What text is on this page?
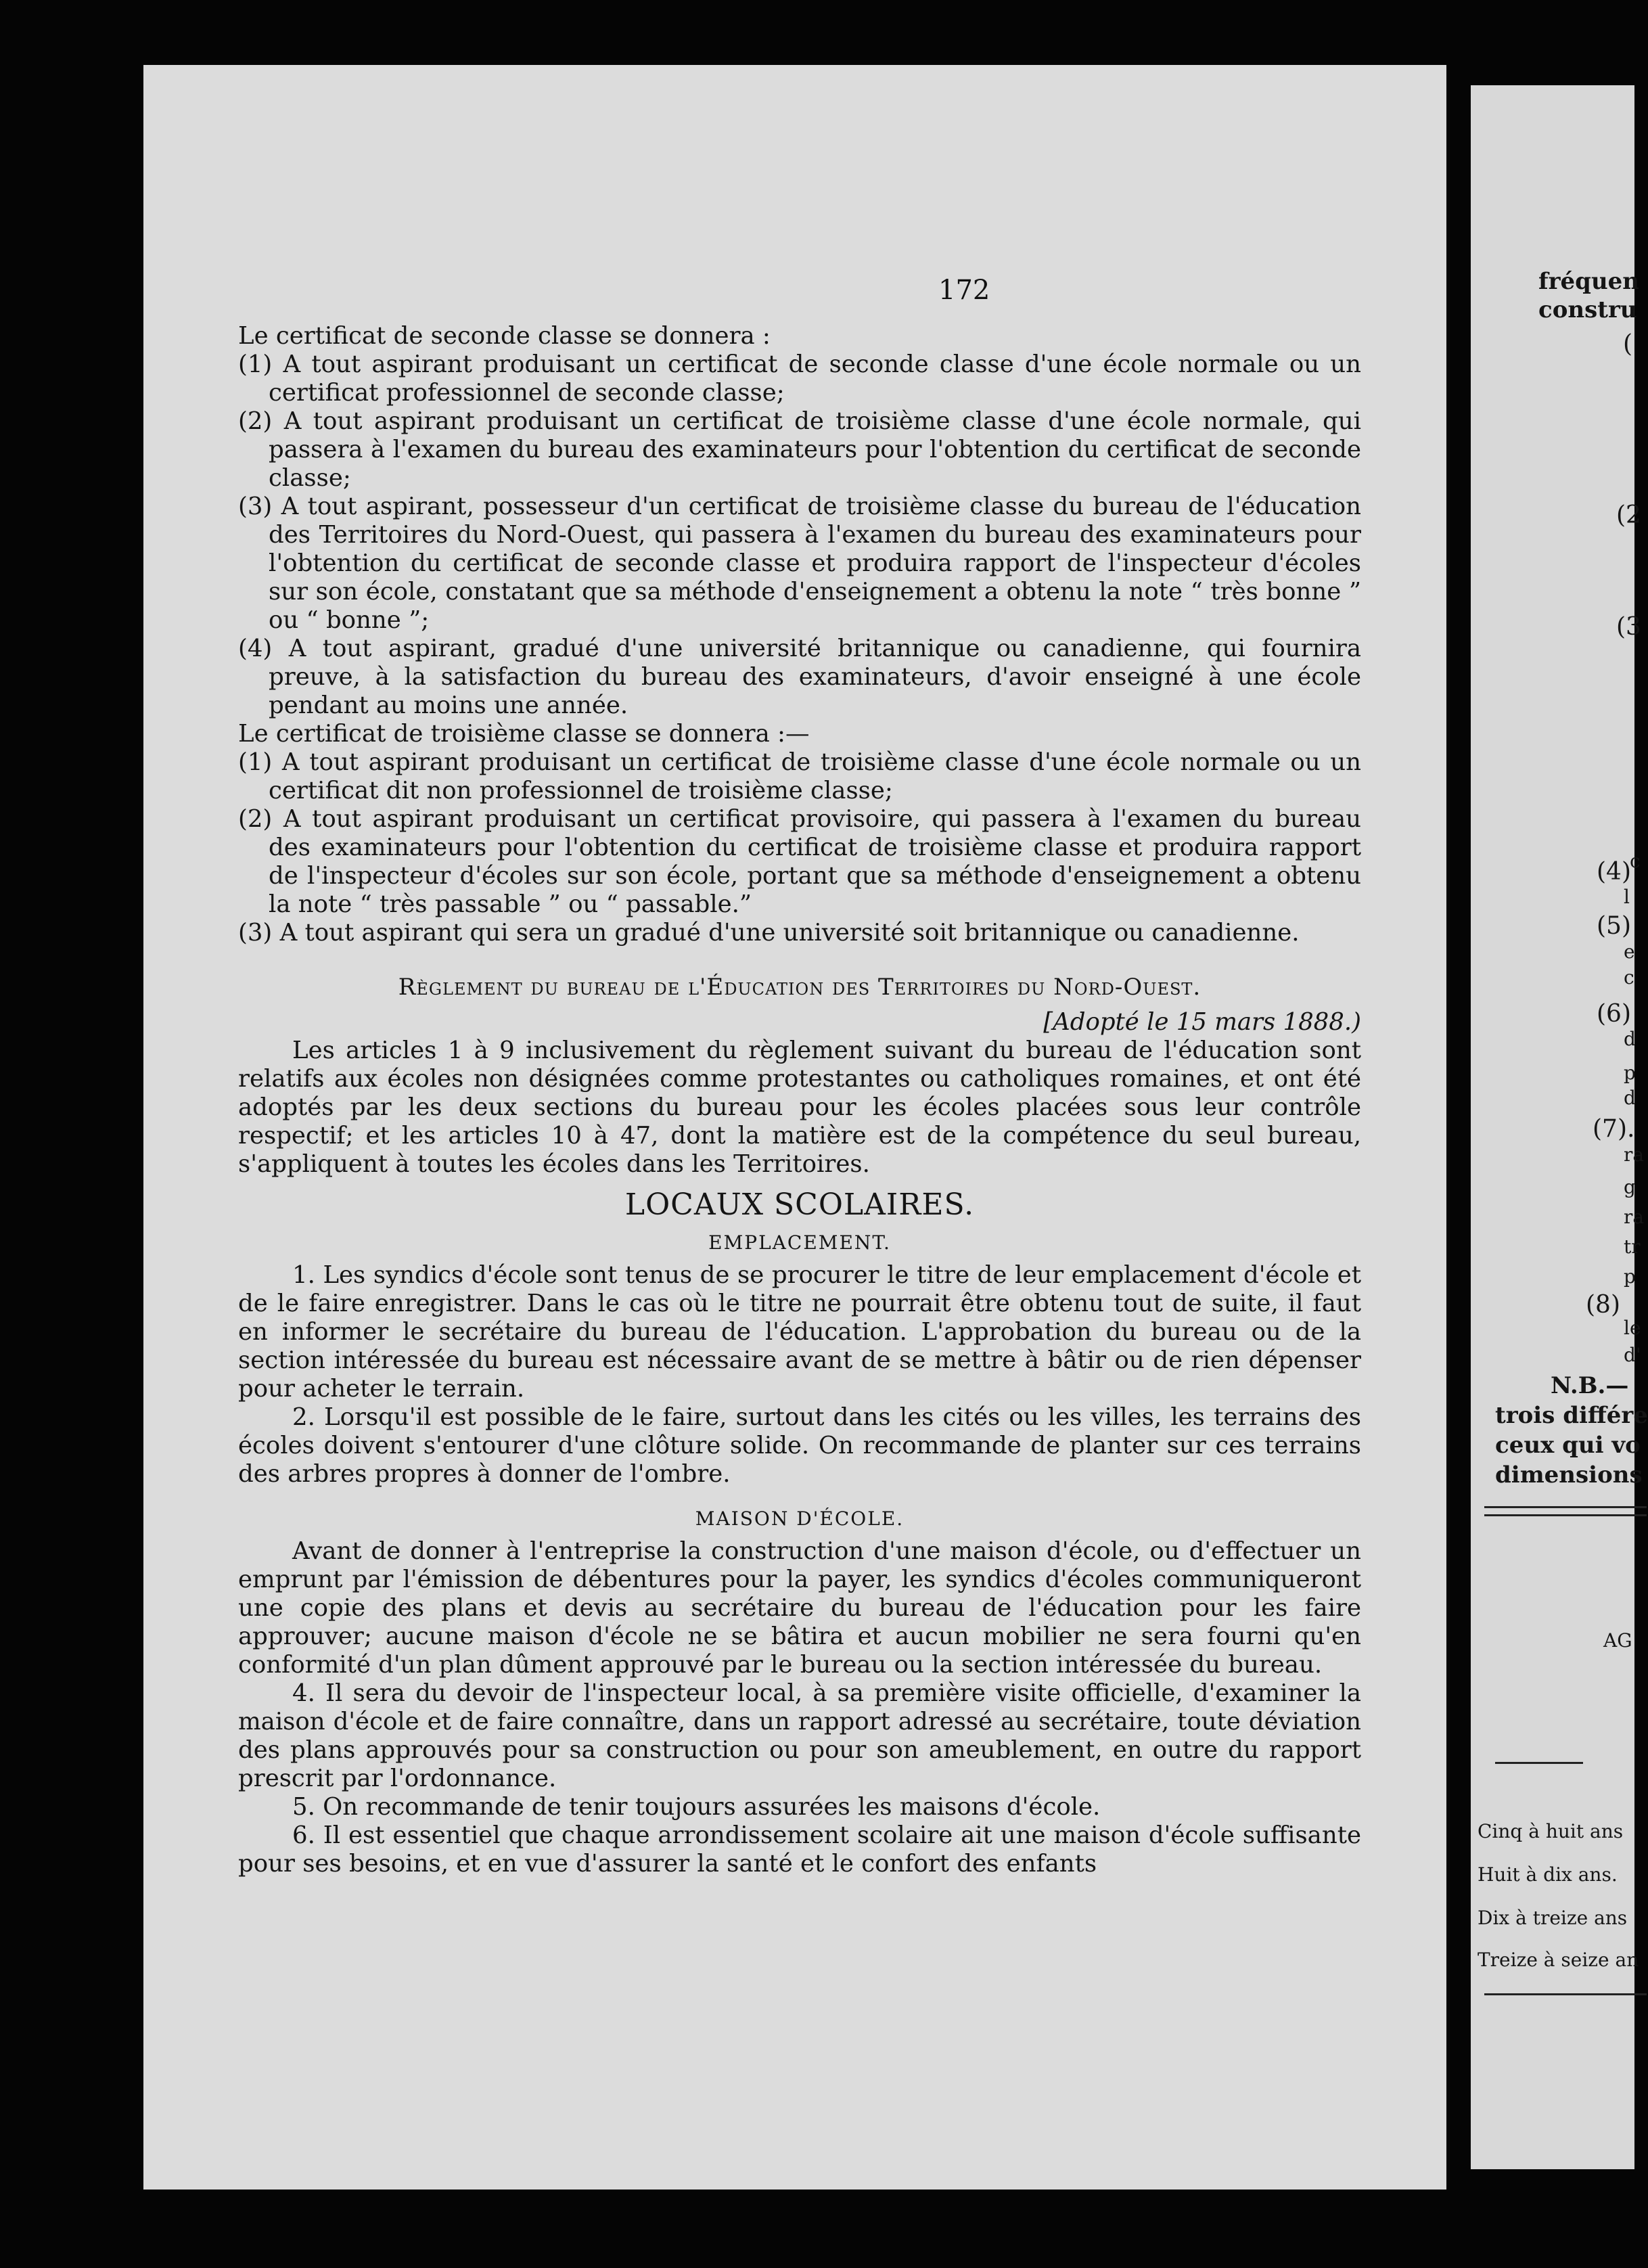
172

Le certificat de seconde classe se donnera :

(1) A tout aspirant produisant un certificat de seconde classe d'une école normale ou un certificat professionnel de seconde classe;

(2) A tout aspirant produisant un certificat de troisième classe d'une école normale, qui passera à l'examen du bureau des examinateurs pour l'obtention du certificat de seconde classe;

(3) A tout aspirant, possesseur d'un certificat de troisième classe du bureau de l'éducation des Territoires du Nord-Ouest, qui passera à l'examen du bureau des examinateurs pour l'obtention du certificat de seconde classe et produira rapport de l'inspecteur d'écoles sur son école, constatant que sa méthode d'enseignement a obtenu la note “ très bonne ” ou “ bonne ”;

(4) A tout aspirant, gradué d'une université britannique ou canadienne, qui fournira preuve, à la satisfaction du bureau des examinateurs, d'avoir enseigné à une école pendant au moins une année.

Le certificat de troisième classe se donnera :—

(1) A tout aspirant produisant un certificat de troisième classe d'une école normale ou un certificat dit non professionnel de troisième classe;

(2) A tout aspirant produisant un certificat provisoire, qui passera à l'examen du bureau des examinateurs pour l'obtention du certificat de troisième classe et produira rapport de l'inspecteur d'écoles sur son école, portant que sa méthode d'enseignement a obtenu la note “ très passable ” ou “ passable.”

(3) A tout aspirant qui sera un gradué d'une université soit britannique ou canadienne.

Règlement du bureau de l'Éducation des Territoires du Nord-Ouest.

[Adopté le 15 mars 1888.)

Les articles 1 à 9 inclusivement du règlement suivant du bureau de l'éducation sont relatifs aux écoles non désignées comme protestantes ou catholiques romaines, et ont été adoptés par les deux sections du bureau pour les écoles placées sous leur contrôle respectif; et les articles 10 à 47, dont la matière est de la compétence du seul bureau, s'appliquent à toutes les écoles dans les Territoires.

LOCAUX SCOLAIRES.

EMPLACEMENT.

1. Les syndics d'école sont tenus de se procurer le titre de leur emplacement d'école et de le faire enregistrer. Dans le cas où le titre ne pourrait être obtenu tout de suite, il faut en informer le secrétaire du bureau de l'éducation. L'approbation du bureau ou de la section intéressée du bureau est nécessaire avant de se mettre à bâtir ou de rien dépenser pour acheter le terrain.

2. Lorsqu'il est possible de le faire, surtout dans les cités ou les villes, les terrains des écoles doivent s'entourer d'une clôture solide. On recommande de planter sur ces terrains des arbres propres à donner de l'ombre.

MAISON D'ÉCOLE.

Avant de donner à l'entreprise la construction d'une maison d'école, ou d'effectuer un emprunt par l'émission de débentures pour la payer, les syndics d'écoles communiqueront une copie des plans et devis au secrétaire du bureau de l'éducation pour les faire approuver; aucune maison d'école ne se bâtira et aucun mobilier ne sera fourni qu'en conformité d'un plan dûment approuvé par le bureau ou la section intéressée du bureau.

4. Il sera du devoir de l'inspecteur local, à sa première visite officielle, d'examiner la maison d'école et de faire connaître, dans un rapport adressé au secrétaire, toute déviation des plans approuvés pour sa construction ou pour son ameublement, en outre du rapport prescrit par l'ordonnance.

5. On recommande de tenir toujours assurées les maisons d'école.

6. Il est essentiel que chaque arrondissement scolaire ait une maison d'école suffisante pour ses besoins, et en vue d'assurer la santé et le confort des enfants

fréquen
constru
(
(2
(3
c
(4)
l
(5)
e
c
(6)
d
p
d
(7).
ra
g
ra
tr
p
(8)
le
d'
N.B.—
trois différe
ceux qui vo
dimensions
AG
Cinq à huit ans
Huit à dix ans.
Dix à treize ans
Treize à seize an
